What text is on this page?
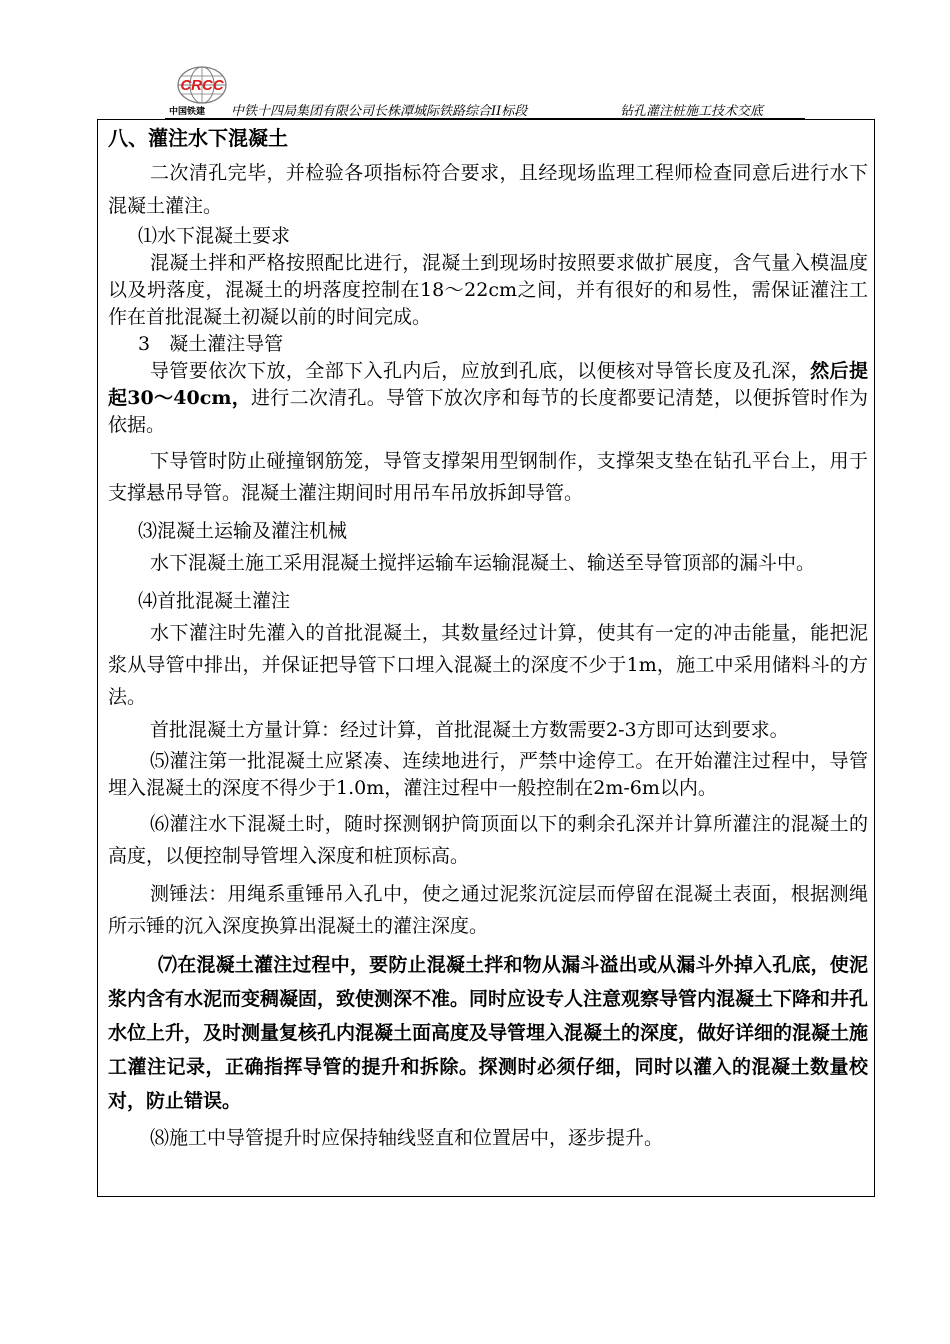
CRCC
中国铁建 中铁十四局集团有限公司长株潭城际铁路综合II标段	钻孔灌注桩施工技术交底

八、灌注水下混凝土

二次清孔完毕，并检验各项指标符合要求，且经现场监理工程师检查同意后进行水下混凝土灌注。

⑴水下混凝土要求

混凝土拌和严格按照配比进行，混凝土到现场时按照要求做扩展度，含气量入模温度以及坍落度，混凝土的坍落度控制在18～22cm之间，并有很好的和易性，需保证灌注工作在首批混凝土初凝以前的时间完成。

3　凝土灌注导管

导管要依次下放，全部下入孔内后，应放到孔底，以便核对导管长度及孔深，然后提起30～40cm，进行二次清孔。导管下放次序和每节的长度都要记清楚，以便拆管时作为依据。

下导管时防止碰撞钢筋笼，导管支撑架用型钢制作，支撑架支垫在钻孔平台上，用于支撑悬吊导管。混凝土灌注期间时用吊车吊放拆卸导管。

⑶混凝土运输及灌注机械

水下混凝土施工采用混凝土搅拌运输车运输混凝土、输送至导管顶部的漏斗中。

⑷首批混凝土灌注

水下灌注时先灌入的首批混凝土，其数量经过计算，使其有一定的冲击能量，能把泥浆从导管中排出，并保证把导管下口埋入混凝土的深度不少于1m，施工中采用储料斗的方法。

首批混凝土方量计算：经过计算，首批混凝土方数需要2-3方即可达到要求。

⑸灌注第一批混凝土应紧凑、连续地进行，严禁中途停工。在开始灌注过程中，导管埋入混凝土的深度不得少于1.0m，灌注过程中一般控制在2m-6m以内。

⑹灌注水下混凝土时，随时探测钢护筒顶面以下的剩余孔深并计算所灌注的混凝土的高度，以便控制导管埋入深度和桩顶标高。

测锤法：用绳系重锤吊入孔中，使之通过泥浆沉淀层而停留在混凝土表面，根据测绳所示锤的沉入深度换算出混凝土的灌注深度。

⑺在混凝土灌注过程中，要防止混凝土拌和物从漏斗溢出或从漏斗外掉入孔底，使泥浆内含有水泥而变稠凝固，致使测深不准。同时应设专人注意观察导管内混凝土下降和井孔水位上升，及时测量复核孔内混凝土面高度及导管埋入混凝土的深度，做好详细的混凝土施工灌注记录，正确指挥导管的提升和拆除。探测时必须仔细，同时以灌入的混凝土数量校对，防止错误。

⑻施工中导管提升时应保持轴线竖直和位置居中，逐步提升。
